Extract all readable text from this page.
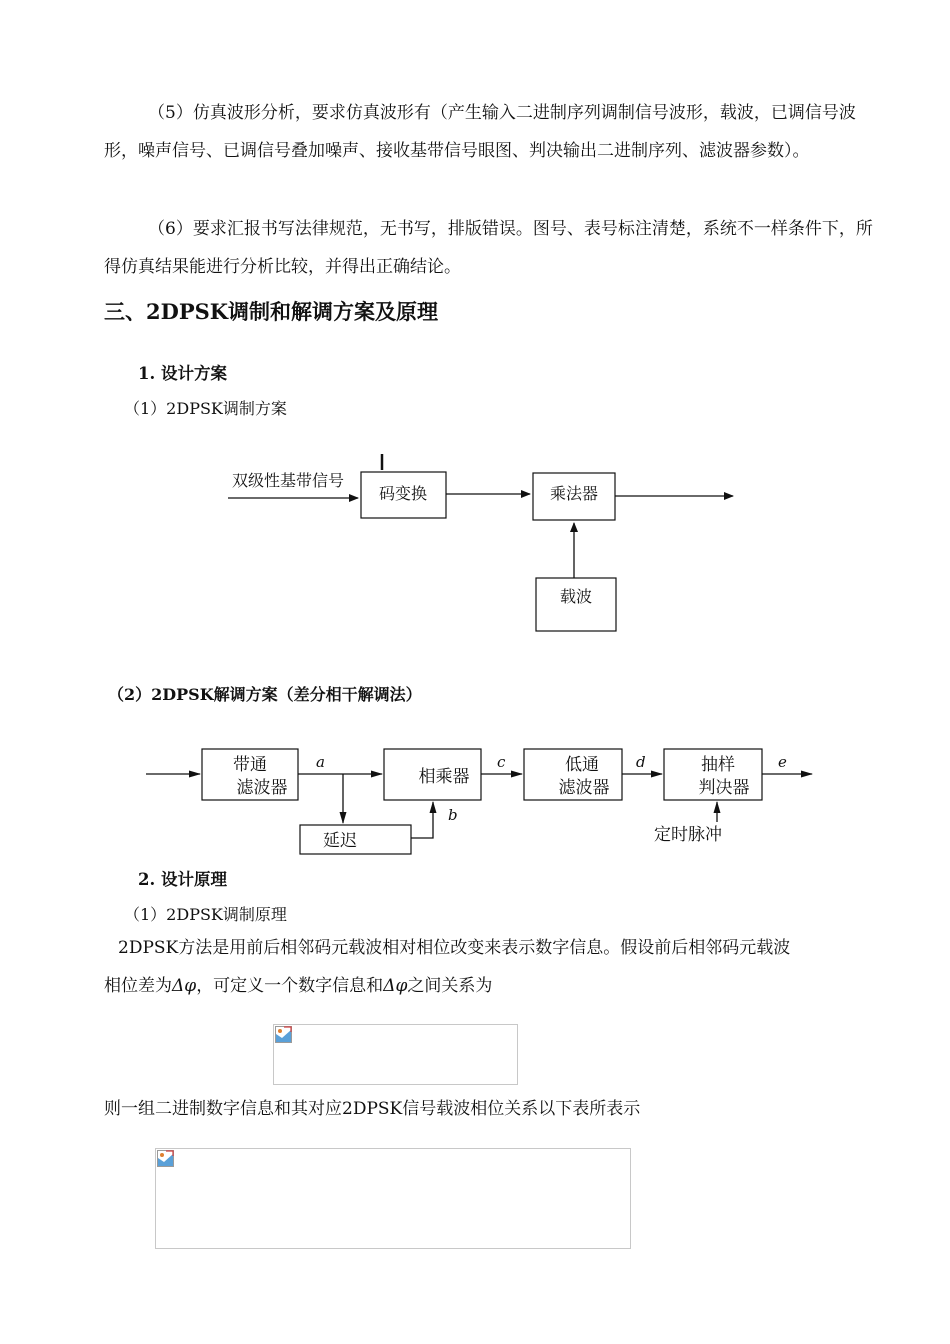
（5）仿真波形分析，要求仿真波形有（产生输入二进制序列调制信号波形，载波，已调信号波形，噪声信号、已调信号叠加噪声、接收基带信号眼图、判决输出二进制序列、滤波器参数）。

（6）要求汇报书写法律规范，无书写，排版错误。图号、表号标注清楚，系统不一样条件下，所得仿真结果能进行分析比较，并得出正确结论。

三、2DPSK调制和解调方案及原理
1. 设计方案

（1）2DPSK调制方案

双级性基带信号
码变换	乘法器
载波

（2）2DPSK解调方案（差分相干解调法）

带通
滤波器
a
延迟
b
相乘器
c	低通
滤波器
d	抽样
判决器
e
定时脉冲
2. 设计原理

（1）2DPSK调制原理

2DPSK方法是用前后相邻码元载波相对相位改变来表示数字信息。假设前后相邻码元载波

相位差为Δφ，可定义一个数字信息和Δφ之间关系为

则一组二进制数字信息和其对应2DPSK信号载波相位关系以下表所表示
